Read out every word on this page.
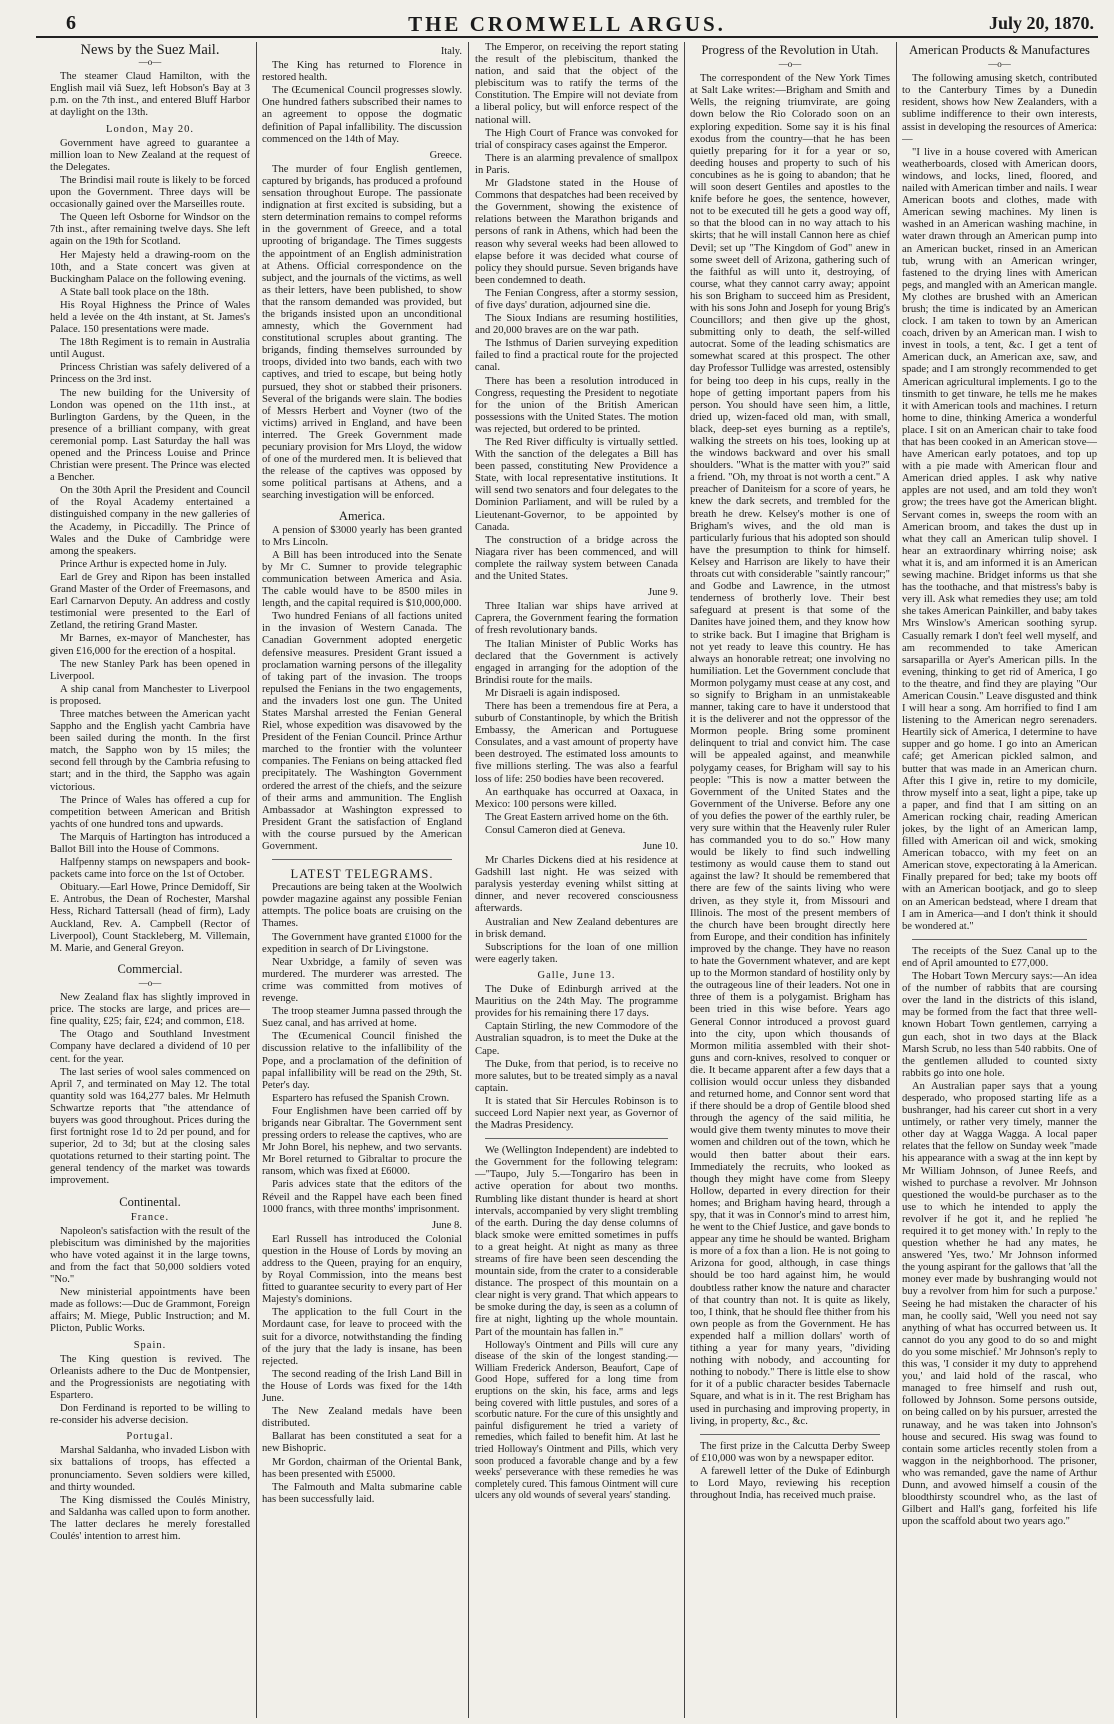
6	THE CROMWELL ARGUS.	July 20, 1870.
News by the Suez Mail.
—o—

The steamer Claud Hamilton, with the English mail viâ Suez, left Hobson's Bay at 3 p.m. on the 7th inst., and entered Bluff Harbor at daylight on the 13th.

London, May 20.

Government have agreed to guarantee a million loan to New Zealand at the request of the Delegates.

The Brindisi mail route is likely to be forced upon the Government. Three days will be occasionally gained over the Marseilles route.

The Queen left Osborne for Windsor on the 7th inst., after remaining twelve days. She left again on the 19th for Scotland.

Her Majesty held a drawing-room on the 10th, and a State concert was given at Buckingham Palace on the following evening.

A State ball took place on the 18th.

His Royal Highness the Prince of Wales held a levée on the 4th instant, at St. James's Palace. 150 presentations were made.

The 18th Regiment is to remain in Australia until August.

Princess Christian was safely delivered of a Princess on the 3rd inst.

The new building for the University of London was opened on the 11th inst., at Burlington Gardens, by the Queen, in the presence of a brilliant company, with great ceremonial pomp. Last Saturday the hall was opened and the Princess Louise and Prince Christian were present. The Prince was elected a Bencher.

On the 30th April the President and Council of the Royal Academy entertained a distinguished company in the new galleries of the Academy, in Piccadilly. The Prince of Wales and the Duke of Cambridge were among the speakers.

Prince Arthur is expected home in July.

Earl de Grey and Ripon has been installed Grand Master of the Order of Freemasons, and Earl Carnarvon Deputy. An address and costly testimonial were presented to the Earl of Zetland, the retiring Grand Master.

Mr Barnes, ex-mayor of Manchester, has given £16,000 for the erection of a hospital.

The new Stanley Park has been opened in Liverpool.

A ship canal from Manchester to Liverpool is proposed.

Three matches between the American yacht Sappho and the English yacht Cambria have been sailed during the month. In the first match, the Sappho won by 15 miles; the second fell through by the Cambria refusing to start; and in the third, the Sappho was again victorious.

The Prince of Wales has offered a cup for competition between American and British yachts of one hundred tons and upwards.

The Marquis of Hartington has introduced a Ballot Bill into the House of Commons.

Halfpenny stamps on newspapers and book-packets came into force on the 1st of October.

Obituary.—Earl Howe, Prince Demidoff, Sir E. Antrobus, the Dean of Rochester, Marshal Hess, Richard Tattersall (head of firm), Lady Auckland, Rev. A. Campbell (Rector of Liverpool), Count Stackleberg, M. Villemain, M. Marie, and General Greyon.

Commercial.
—o—

New Zealand flax has slightly improved in price. The stocks are large, and prices are—fine quality, £25; fair, £24; and common, £18.

The Otago and Southland Investment Company have declared a dividend of 10 per cent. for the year.

The last series of wool sales commenced on April 7, and terminated on May 12. The total quantity sold was 164,277 bales. Mr Helmuth Schwartze reports that "the attendance of buyers was good throughout. Prices during the first fortnight rose 1d to 2d per pound, and for superior, 2d to 3d; but at the closing sales quotations returned to their starting point. The general tendency of the market was towards improvement.

Continental.
France.

Napoleon's satisfaction with the result of the plebiscitum was diminished by the majorities who have voted against it in the large towns, and from the fact that 50,000 soldiers voted "No."

New ministerial appointments have been made as follows:—Duc de Grammont, Foreign affairs; M. Miege, Public Instruction; and M. Plicton, Public Works.

Spain.

The King question is revived. The Orleanists adhere to the Duc de Montpensier, and the Progressionists are negotiating with Espartero.

Don Ferdinand is reported to be willing to re-consider his adverse decision.

Portugal.

Marshal Saldanha, who invaded Lisbon with six battalions of troops, has effected a pronunciamento. Seven soldiers were killed, and thirty wounded.

The King dismissed the Coulés Ministry, and Saldanha was called upon to form another. The latter declares he merely forestalled Coulés' intention to arrest him.

Italy.

The King has returned to Florence in restored health.

The Œcumenical Council progresses slowly. One hundred fathers subscribed their names to an agreement to oppose the dogmatic definition of Papal infallibility. The discussion commenced on the 14th of May.

Greece.

The murder of four English gentlemen, captured by brigands, has produced a profound sensation throughout Europe. The passionate indignation at first excited is subsiding, but a stern determination remains to compel reforms in the government of Greece, and a total uprooting of brigandage. The Times suggests the appointment of an English administration at Athens. Official correspondence on the subject, and the journals of the victims, as well as their letters, have been published, to show that the ransom demanded was provided, but the brigands insisted upon an unconditional amnesty, which the Government had constitutional scruples about granting. The brigands, finding themselves surrounded by troops, divided into two bands, each with two captives, and tried to escape, but being hotly pursued, they shot or stabbed their prisoners. Several of the brigands were slain. The bodies of Messrs Herbert and Voyner (two of the victims) arrived in England, and have been interred. The Greek Government made pecuniary provision for Mrs Lloyd, the widow of one of the murdered men. It is believed that the release of the captives was opposed by some political partisans at Athens, and a searching investigation will be enforced.

America.

A pension of $3000 yearly has been granted to Mrs Lincoln.

A Bill has been introduced into the Senate by Mr C. Sumner to provide telegraphic communication between America and Asia. The cable would have to be 8500 miles in length, and the capital required is $10,000,000.

Two hundred Fenians of all factions united in the invasion of Western Canada. The Canadian Government adopted energetic defensive measures. President Grant issued a proclamation warning persons of the illegality of taking part of the invasion. The troops repulsed the Fenians in the two engagements, and the invaders lost one gun. The United States Marshal arrested the Fenian General Riel, whose expedition was disavowed by the President of the Fenian Council. Prince Arthur marched to the frontier with the volunteer companies. The Fenians on being attacked fled precipitately. The Washington Government ordered the arrest of the chiefs, and the seizure of their arms and ammunition. The English Ambassador at Washington expressed to President Grant the satisfaction of England with the course pursued by the American Government.

LATEST TELEGRAMS.

Precautions are being taken at the Woolwich powder magazine against any possible Fenian attempts. The police boats are cruising on the Thames.

The Government have granted £1000 for the expedition in search of Dr Livingstone.

Near Uxbridge, a family of seven was murdered. The murderer was arrested. The crime was committed from motives of revenge.

The troop steamer Jumna passed through the Suez canal, and has arrived at home.

The Œcumenical Council finished the discussion relative to the infallibility of the Pope, and a proclamation of the definition of papal infallibility will be read on the 29th, St. Peter's day.

Espartero has refused the Spanish Crown.

Four Englishmen have been carried off by brigands near Gibraltar. The Government sent pressing orders to release the captives, who are Mr John Borel, his nephew, and two servants. Mr Borel returned to Gibraltar to procure the ransom, which was fixed at £6000.

Paris advices state that the editors of the Réveil and the Rappel have each been fined 1000 francs, with three months' imprisonment.

June 8.

Earl Russell has introduced the Colonial question in the House of Lords by moving an address to the Queen, praying for an enquiry, by Royal Commission, into the means best fitted to guarantee security to every part of Her Majesty's dominions.

The application to the full Court in the Mordaunt case, for leave to proceed with the suit for a divorce, notwithstanding the finding of the jury that the lady is insane, has been rejected.

The second reading of the Irish Land Bill in the House of Lords was fixed for the 14th June.

The New Zealand medals have been distributed.

Ballarat has been constituted a seat for a new Bishopric.

Mr Gordon, chairman of the Oriental Bank, has been presented with £5000.

The Falmouth and Malta submarine cable has been successfully laid.

The Emperor, on receiving the report stating the result of the plebiscitum, thanked the nation, and said that the object of the plebiscitum was to ratify the terms of the Constitution. The Empire will not deviate from a liberal policy, but will enforce respect of the national will.

The High Court of France was convoked for trial of conspiracy cases against the Emperor.

There is an alarming prevalence of smallpox in Paris.

Mr Gladstone stated in the House of Commons that despatches had been received by the Government, showing the existence of relations between the Marathon brigands and persons of rank in Athens, which had been the reason why several weeks had been allowed to elapse before it was decided what course of policy they should pursue. Seven brigands have been condemned to death.

The Fenian Congress, after a stormy session, of five days' duration, adjourned sine die.

The Sioux Indians are resuming hostilities, and 20,000 braves are on the war path.

The Isthmus of Darien surveying expedition failed to find a practical route for the projected canal.

There has been a resolution introduced in Congress, requesting the President to negotiate for the union of the British American possessions with the United States. The motion was rejected, but ordered to be printed.

The Red River difficulty is virtually settled. With the sanction of the delegates a Bill has been passed, constituting New Providence a State, with local representative institutions. It will send two senators and four delegates to the Dominion Parliament, and will be ruled by a Lieutenant-Governor, to be appointed by Canada.

The construction of a bridge across the Niagara river has been commenced, and will complete the railway system between Canada and the United States.

June 9.

Three Italian war ships have arrived at Caprera, the Government fearing the formation of fresh revolutionary bands.

The Italian Minister of Public Works has declared that the Government is actively engaged in arranging for the adoption of the Brindisi route for the mails.

Mr Disraeli is again indisposed.

There has been a tremendous fire at Pera, a suburb of Constantinople, by which the British Embassy, the American and Portuguese Consulates, and a vast amount of property have been destroyed. The estimated loss amounts to five millions sterling. The was also a fearful loss of life: 250 bodies have been recovered.

An earthquake has occurred at Oaxaca, in Mexico: 100 persons were killed.

The Great Eastern arrived home on the 6th.

Consul Cameron died at Geneva.

June 10.

Mr Charles Dickens died at his residence at Gadshill last night. He was seized with paralysis yesterday evening whilst sitting at dinner, and never recovered consciousness afterwards.

Australian and New Zealand debentures are in brisk demand.

Subscriptions for the loan of one million were eagerly taken.

Galle, June 13.

The Duke of Edinburgh arrived at the Mauritius on the 24th May. The programme provides for his remaining there 17 days.

Captain Stirling, the new Commodore of the Australian squadron, is to meet the Duke at the Cape.

The Duke, from that period, is to receive no more salutes, but to be treated simply as a naval captain.

It is stated that Sir Hercules Robinson is to succeed Lord Napier next year, as Governor of the Madras Presidency.

We (Wellington Independent) are indebted to the Government for the following telegram:—"Taupo, July 5.—Tongariro has been in active operation for about two months. Rumbling like distant thunder is heard at short intervals, accompanied by very slight trembling of the earth. During the day dense columns of black smoke were emitted sometimes in puffs to a great height. At night as many as three streams of fire have been seen descending the mountain side, from the crater to a considerable distance. The prospect of this mountain on a clear night is very grand. That which appears to be smoke during the day, is seen as a column of fire at night, lighting up the whole mountain. Part of the mountain has fallen in."

Holloway's Ointment and Pills will cure any disease of the skin of the longest standing.—William Frederick Anderson, Beaufort, Cape of Good Hope, suffered for a long time from eruptions on the skin, his face, arms and legs being covered with little pustules, and sores of a scorbutic nature. For the cure of this unsightly and painful disfigurement he tried a variety of remedies, which failed to benefit him. At last he tried Holloway's Ointment and Pills, which very soon produced a favorable change and by a few weeks' perseverance with these remedies he was completely cured. This famous Ointment will cure ulcers any old wounds of several years' standing.

Progress of the Revolution in Utah.
—o—

The correspondent of the New York Times at Salt Lake writes:—Brigham and Smith and Wells, the reigning triumvirate, are going down below the Rio Colorado soon on an exploring expedition. Some say it is his final exodus from the country—that he has been quietly preparing for it for a year or so, deeding houses and property to such of his concubines as he is going to abandon; that he will soon desert Gentiles and apostles to the knife before he goes, the sentence, however, not to be executed till he gets a good way off, so that the blood can in no way attach to his skirts; that he will install Cannon here as chief Devil; set up "The Kingdom of God" anew in some sweet dell of Arizona, gathering such of the faithful as will unto it, destroying, of course, what they cannot carry away; appoint his son Brigham to succeed him as President, with his sons John and Joseph for young Brig's Councillors; and then give up the ghost, submitting only to death, the self-willed autocrat. Some of the leading schismatics are somewhat scared at this prospect. The other day Professor Tullidge was arrested, ostensibly for being too deep in his cups, really in the hope of getting important papers from his person. You should have seen him, a little, dried up, wizen-faced old man, with small, black, deep-set eyes burning as a reptile's, walking the streets on his toes, looking up at the windows backward and over his small shoulders. "What is the matter with you?" said a friend. "Oh, my throat is not worth a cent." A preacher of Daniteism for a score of years, he knew the dark secrets, and trembled for the breath he drew. Kelsey's mother is one of Brigham's wives, and the old man is particularly furious that his adopted son should have the presumption to think for himself. Kelsey and Harrison are likely to have their throats cut with considerable "saintly rancour;" and Godbe and Lawrence, in the utmost tenderness of brotherly love. Their best safeguard at present is that some of the Danites have joined them, and they know how to strike back. But I imagine that Brigham is not yet ready to leave this country. He has always an honorable retreat; one involving no humiliation. Let the Government conclude that Mormon polygamy must cease at any cost, and so signify to Brigham in an unmistakeable manner, taking care to have it understood that it is the deliverer and not the oppressor of the Mormon people. Bring some prominent delinquent to trial and convict him. The case will be appealed against, and meanwhile polygamy ceases, for Brigham will say to his people: "This is now a matter between the Government of the United States and the Government of the Universe. Before any one of you defies the power of the earthly ruler, be very sure within that the Heavenly ruler Ruler has commanded you to do so." How many would be likely to find such indwelling testimony as would cause them to stand out against the law? It should be remembered that there are few of the saints living who were driven, as they style it, from Missouri and Illinois. The most of the present members of the church have been brought directly here from Europe, and their condition has infinitely improved by the change. They have no reason to hate the Government whatever, and are kept up to the Mormon standard of hostility only by the outrageous line of their leaders. Not one in three of them is a polygamist. Brigham has been tried in this wise before. Years ago General Connor introduced a provost guard into the city, upon which thousands of Mormon militia assembled with their shot-guns and corn-knives, resolved to conquer or die. It became apparent after a few days that a collision would occur unless they disbanded and returned home, and Connor sent word that if there should be a drop of Gentile blood shed through the agency of the said militia, he would give them twenty minutes to move their women and children out of the town, which he would then batter about their ears. Immediately the recruits, who looked as though they might have come from Sleepy Hollow, departed in every direction for their homes; and Brigham having heard, through a spy, that it was in Connor's mind to arrest him, he went to the Chief Justice, and gave bonds to appear any time he should be wanted. Brigham is more of a fox than a lion. He is not going to Arizona for good, although, in case things should be too hard against him, he would doubtless rather know the nature and character of that country than not. It is quite as likely, too, I think, that he should flee thither from his own people as from the Government. He has expended half a million dollars' worth of tithing a year for many years, "dividing nothing with nobody, and accounting for nothing to nobody." There is little else to show for it of a public character besides Tabernacle Square, and what is in it. The rest Brigham has used in purchasing and improving property, in living, in property, &c., &c.

The first prize in the Calcutta Derby Sweep of £10,000 was won by a newspaper editor.

A farewell letter of the Duke of Edinburgh to Lord Mayo, reviewing his reception throughout India, has received much praise.

American Products & Manufactures
—o—

The following amusing sketch, contributed to the Canterbury Times by a Dunedin resident, shows how New Zealanders, with a sublime indifference to their own interests, assist in developing the resources of America:—

"I live in a house covered with American weatherboards, closed with American doors, windows, and locks, lined, floored, and nailed with American timber and nails. I wear American boots and clothes, made with American sewing machines. My linen is washed in an American washing machine, in water drawn through an American pump into an American bucket, rinsed in an American tub, wrung with an American wringer, fastened to the drying lines with American pegs, and mangled with an American mangle. My clothes are brushed with an American brush; the time is indicated by an American clock. I am taken to town by an American coach, driven by an American man. I wish to invest in tools, a tent, &c. I get a tent of American duck, an American axe, saw, and spade; and I am strongly recommended to get American agricultural implements. I go to the tinsmith to get tinware, he tells me he makes it with American tools and machines. I return home to dine, thinking America a wonderful place. I sit on an American chair to take food that has been cooked in an American stove—have American early potatoes, and top up with a pie made with American flour and American dried apples. I ask why native apples are not used, and am told they won't grow; the trees have got the American blight. Servant comes in, sweeps the room with an American broom, and takes the dust up in what they call an American tulip shovel. I hear an extraordinary whirring noise; ask what it is, and am informed it is an American sewing machine. Bridget informs us that she has the toothache, and that mistress's baby is very ill. Ask what remedies they use; am told she takes American Painkiller, and baby takes Mrs Winslow's American soothing syrup. Casually remark I don't feel well myself, and am recommended to take American sarsaparilla or Ayer's American pills. In the evening, thinking to get rid of America, I go to the theatre, and find they are playing "Our American Cousin." Leave disgusted and think I will hear a song. Am horrified to find I am listening to the American negro serenaders. Heartily sick of America, I determine to have supper and go home. I go into an American café; get American pickled salmon, and butter that was made in an American churn. After this I give in, retire to my domicile, throw myself into a seat, light a pipe, take up a paper, and find that I am sitting on an American rocking chair, reading American jokes, by the light of an American lamp, filled with American oil and wick, smoking American tobacco, with my feet on an American stove, expectorating à la American. Finally prepared for bed; take my boots off with an American bootjack, and go to sleep on an American bedstead, where I dream that I am in America—and I don't think it should be wondered at."

The receipts of the Suez Canal up to the end of April amounted to £77,000.

The Hobart Town Mercury says:—An idea of the number of rabbits that are coursing over the land in the districts of this island, may be formed from the fact that three well-known Hobart Town gentlemen, carrying a gun each, shot in two days at the Black Marsh Scrub, no less than 540 rabbits. One of the gentlemen alluded to counted sixty rabbits go into one hole.

An Australian paper says that a young desperado, who proposed starting life as a bushranger, had his career cut short in a very untimely, or rather very timely, manner the other day at Wagga Wagga. A local paper relates that the fellow on Sunday week "made his appearance with a swag at the inn kept by Mr William Johnson, of Junee Reefs, and wished to purchase a revolver. Mr Johnson questioned the would-be purchaser as to the use to which he intended to apply the revolver if he got it, and he replied 'he required it to get money with.' In reply to the question whether he had any mates, he answered 'Yes, two.' Mr Johnson informed the young aspirant for the gallows that 'all the money ever made by bushranging would not buy a revolver from him for such a purpose.' Seeing he had mistaken the character of his man, he coolly said, 'Well you need not say anything of what has occurred between us. It cannot do you any good to do so and might do you some mischief.' Mr Johnson's reply to this was, 'I consider it my duty to apprehend you,' and laid hold of the rascal, who managed to free himself and rush out, followed by Johnson. Some persons outside, on being called on by his pursuer, arrested the runaway, and he was taken into Johnson's house and secured. His swag was found to contain some articles recently stolen from a waggon in the neighborhood. The prisoner, who was remanded, gave the name of Arthur Dunn, and avowed himself a cousin of the bloodthirsty scoundrel who, as the last of Gilbert and Hall's gang, forfeited his life upon the scaffold about two years ago."
